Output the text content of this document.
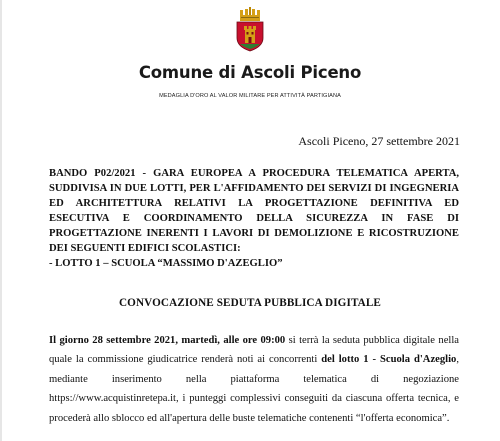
Comune di Ascoli Piceno
MEDAGLIA D'ORO AL VALOR MILITARE PER ATTIVITÀ PARTIGIANA
Ascoli Piceno, 27 settembre 2021

BANDO P02/2021 - GARA EUROPEA A PROCEDURA TELEMATICA APERTA, SUDDIVISA IN DUE LOTTI, PER L'AFFIDAMENTO DEI SERVIZI DI INGEGNERIA ED ARCHITETTURA RELATIVI LA PROGETTAZIONE DEFINITIVA ED ESECUTIVA E COORDINAMENTO DELLA SICUREZZA IN FASE DI PROGETTAZIONE INERENTI I LAVORI DI DEMOLIZIONE E RICOSTRUZIONE DEI SEGUENTI EDIFICI SCOLASTICI:

- LOTTO 1 – SCUOLA “MASSIMO D'AZEGLIO”

CONVOCAZIONE SEDUTA PUBBLICA DIGITALE
Il giorno 28 settembre 2021, martedì, alle ore 09:00 si terrà la seduta pubblica digitale nella quale la commissione giudicatrice renderà noti ai concorrenti del lotto 1 - Scuola d'Azeglio, mediante inserimento nella piattaforma telematica di negoziazione https://www.acquistinretepa.it, i punteggi complessivi conseguiti da ciascuna offerta tecnica, e procederà allo sblocco ed all'apertura delle buste telematiche contenenti “l'offerta economica”.
